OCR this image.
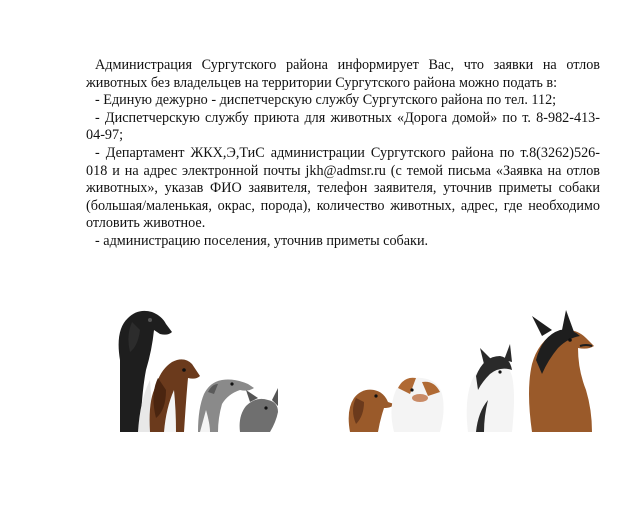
Администрация Сургутского района информирует Вас, что заявки на отлов животных без владельцев на территории Сургутского района можно подать в:

- Единую дежурно - диспетчерскую службу Сургутского района по тел. 112;

- Диспетчерскую службу приюта для животных «Дорога домой» по т. 8-982-413-04-97;

- Департамент ЖКХ,Э,ТиС администрации Сургутского района по т.8(3262)526-018 и на адрес электронной почты jkh@admsr.ru (с темой письма «Заявка на отлов животных», указав ФИО заявителя, телефон заявителя, уточнив приметы собаки (большая/маленькая, окрас, порода), количество животных, адрес, где необходимо отловить животное.

- администрацию поселения, уточнив приметы собаки.
